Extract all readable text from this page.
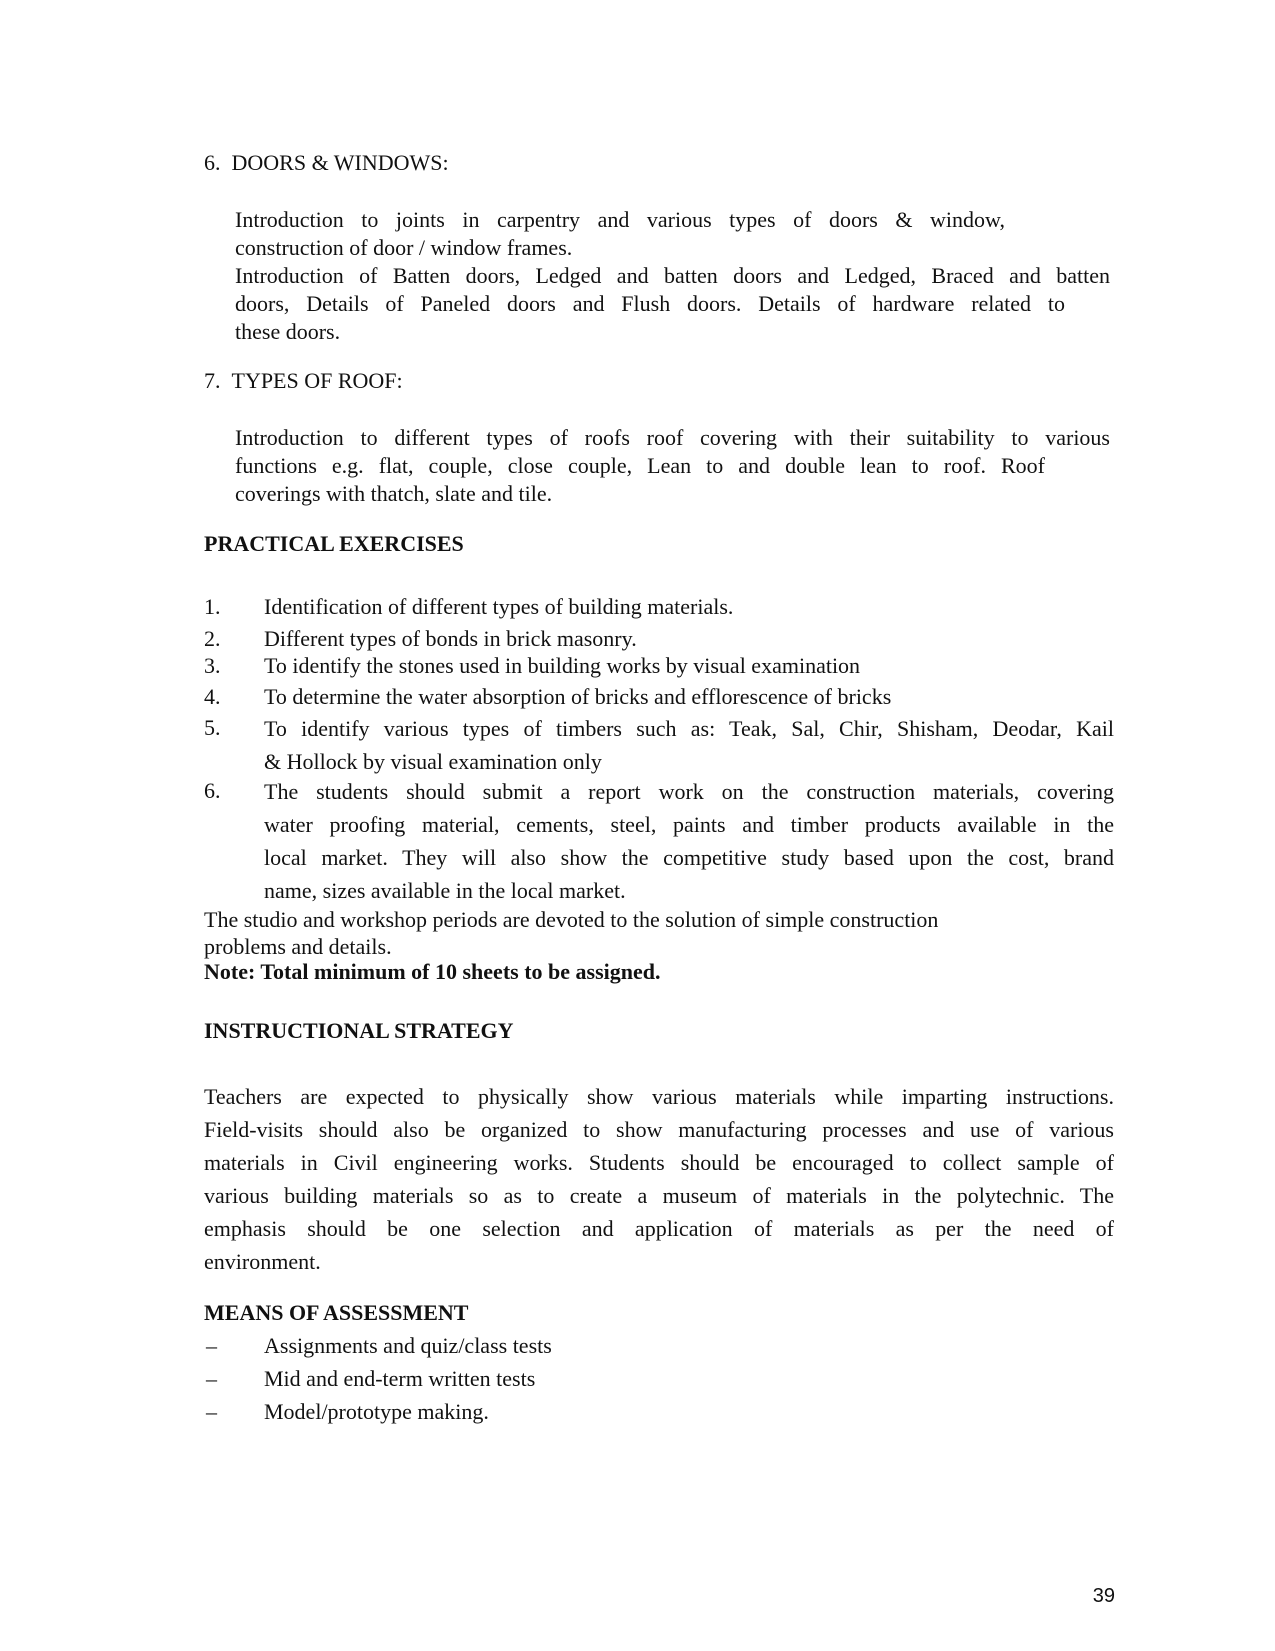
6. DOORS & WINDOWS:
Introduction to joints in carpentry and various types of doors & window,
construction of door / window frames.
Introduction of Batten doors, Ledged and batten doors and Ledged, Braced and batten
doors, Details of Paneled doors and Flush doors. Details of hardware related to
these doors.
7. TYPES OF ROOF:
Introduction to different types of roofs roof covering with their suitability to various
functions e.g. flat, couple, close couple, Lean to and double lean to roof. Roof
coverings with thatch, slate and tile.
PRACTICAL EXERCISES
1. Identification of different types of building materials.
2. Different types of bonds in brick masonry.
3. To identify the stones used in building works by visual examination
4. To determine the water absorption of bricks and efflorescence of bricks
5. To identify various types of timbers such as: Teak, Sal, Chir, Shisham, Deodar, Kail
& Hollock by visual examination only
6. The students should submit a report work on the construction materials, covering
water proofing material, cements, steel, paints and timber products available in the
local market. They will also show the competitive study based upon the cost, brand
name, sizes available in the local market.
The studio and workshop periods are devoted to the solution of simple construction
problems and details.
Note: Total minimum of 10 sheets to be assigned.
INSTRUCTIONAL STRATEGY
Teachers are expected to physically show various materials while imparting instructions.
Field-visits should also be organized to show manufacturing processes and use of various
materials in Civil engineering works. Students should be encouraged to collect sample of
various building materials so as to create a museum of materials in the polytechnic. The
emphasis should be one selection and application of materials as per the need of
environment.
MEANS OF ASSESSMENT
– Assignments and quiz/class tests
– Mid and end-term written tests
– Model/prototype making.
39
